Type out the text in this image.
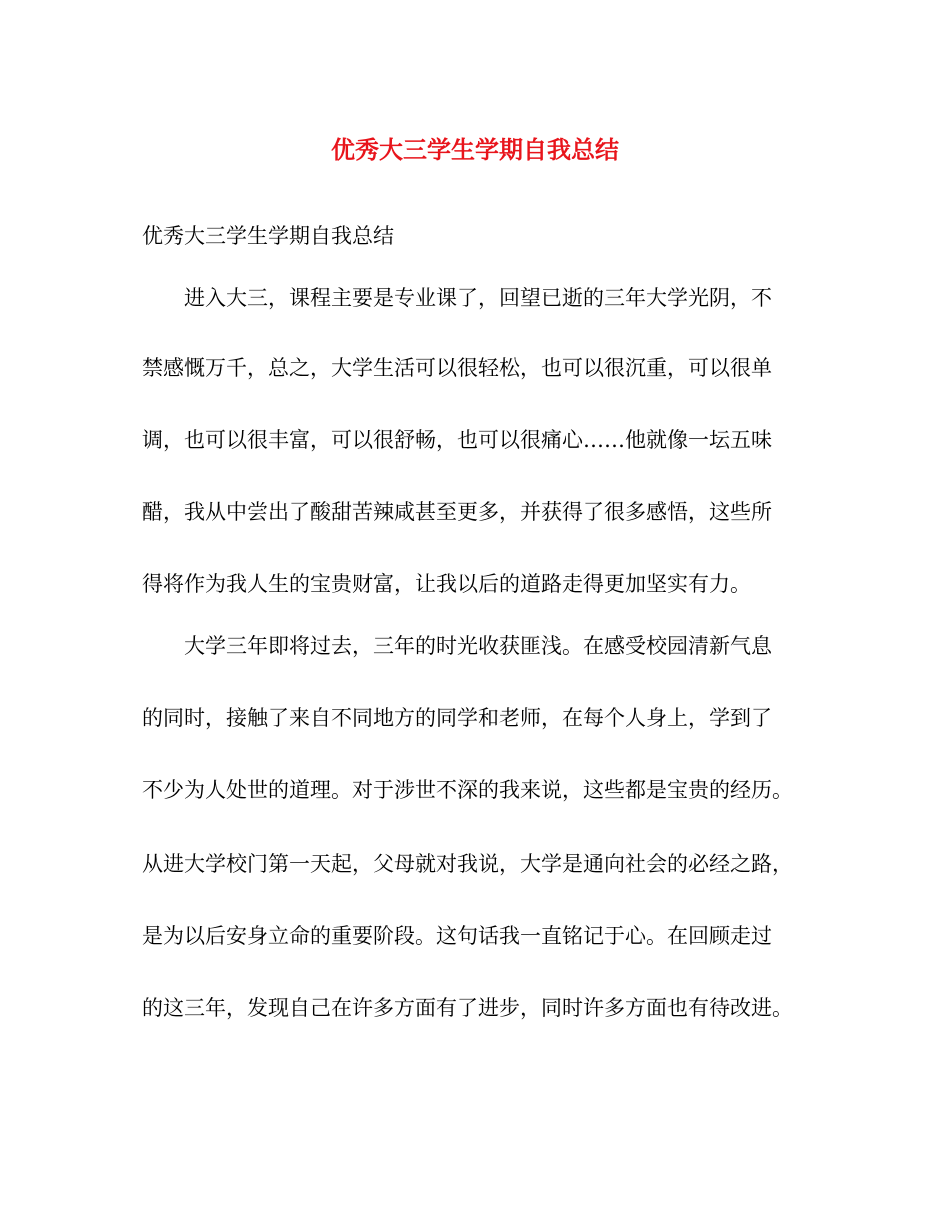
优秀大三学生学期自我总结
优秀大三学生学期自我总结
进入大三，课程主要是专业课了，回望已逝的三年大学光阴，不
禁感慨万千，总之，大学生活可以很轻松，也可以很沉重，可以很单
调，也可以很丰富，可以很舒畅，也可以很痛心……他就像一坛五味
醋，我从中尝出了酸甜苦辣咸甚至更多，并获得了很多感悟，这些所
得将作为我人生的宝贵财富，让我以后的道路走得更加坚实有力。
大学三年即将过去，三年的时光收获匪浅。在感受校园清新气息
的同时，接触了来自不同地方的同学和老师，在每个人身上，学到了
不少为人处世的道理。对于涉世不深的我来说，这些都是宝贵的经历。
从进大学校门第一天起，父母就对我说，大学是通向社会的必经之路，
是为以后安身立命的重要阶段。这句话我一直铭记于心。在回顾走过
的这三年，发现自己在许多方面有了进步，同时许多方面也有待改进。
